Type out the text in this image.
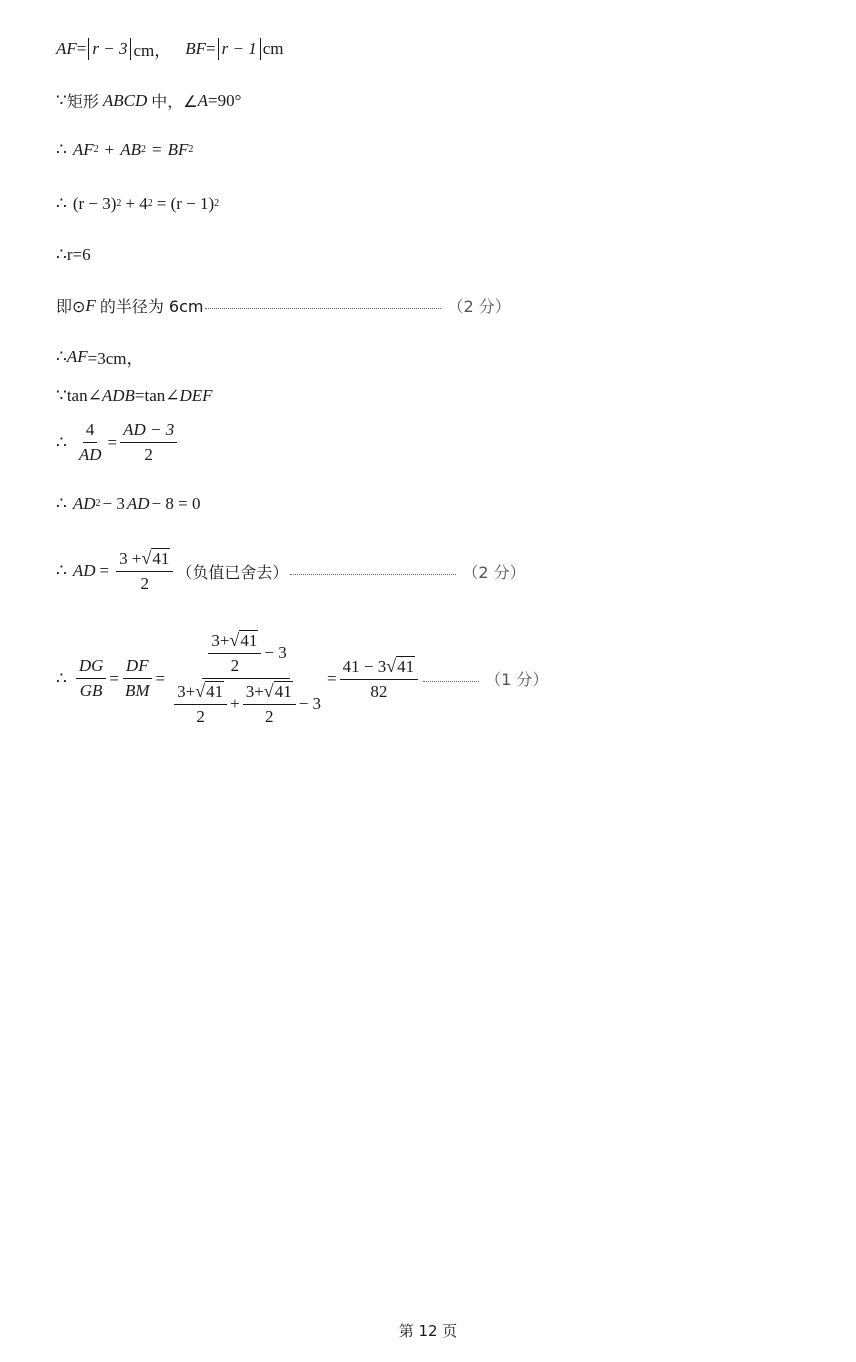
AF = r − 3 cm， BF = r − 1 cm
∵ 矩形 ABCD 中，∠ A =90°
∴ AF 2 + AB 2 = BF 2
∴ (r − 3) 2 + 4 2 = (r − 1) 2
∴ r=6
即⊙ F 的半径为 6cm	（2 分）
∴ AF =3cm，
∵ tan∠ ADB =tan∠ DEF
∴ $\frac{4}{AD} = \frac{AD - 3}{2}$
∴ AD 2 − 3 AD − 8 = 0
∴ AD = $\frac{3 + √ 41}{2}$ （负值已舍去）	（2 分）
∴ $\frac{DG}{GB} = \frac{DF}{BM}$ =
$\frac{3+ √ 41}{2} - 3$
$\frac{3+ √ 41}{2} + \frac{3+ √ 41}{2} - 3$
= $\frac{41 - 3 √ 41}{82}$	（1 分）
第 12 页
